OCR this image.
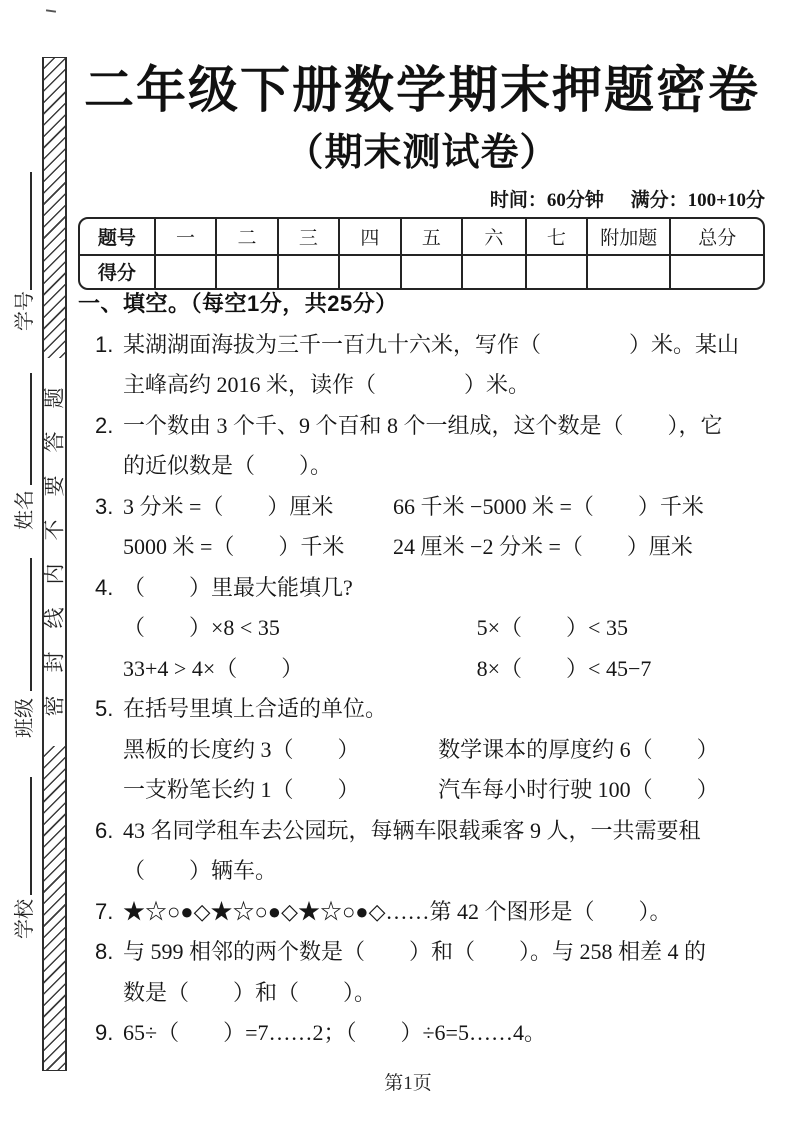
密封线内不要答题
学号
姓名
班级
学校
二年级下册数学期末押题密卷
（期末测试卷）
时间：60分钟 满分：100+10分
题号	一	二	三	四	五	六	七	附加题	总分
得分
一、填空。（每空1分，共25分）
1. 某湖湖面海拔为三千一百九十六米，写作（　　　　）米。某山
主峰高约 2016 米，读作（　　　　）米。
2. 一个数由 3 个千、9 个百和 8 个一组成，这个数是（　　），它
的近似数是（　　）。
3. 3 分米 =（　　）厘米	66 千米 −5000 米 =（　　）千米
5000 米 =（　　）千米	24 厘米 −2 分米 =（　　）厘米
4. （　　）里最大能填几?
（　　）×8 < 35	5×（　　）< 35
33+4 > 4×（　　）	8×（　　）< 45−7
5. 在括号里填上合适的单位。
黑板的长度约 3（　　）	数学课本的厚度约 6（　　）
一支粉笔长约 1（　　）	汽车每小时行驶 100（　　）
6. 43 名同学租车去公园玩，每辆车限载乘客 9 人，一共需要租
（　　）辆车。
7. ★☆○●◇★☆○●◇★☆○●◇……第 42 个图形是（　　）。
8. 与 599 相邻的两个数是（　　）和（　　）。与 258 相差 4 的
数是（　　）和（　　）。
9. 65÷（　　）=7……2；（　　）÷6=5……4。
第1页
